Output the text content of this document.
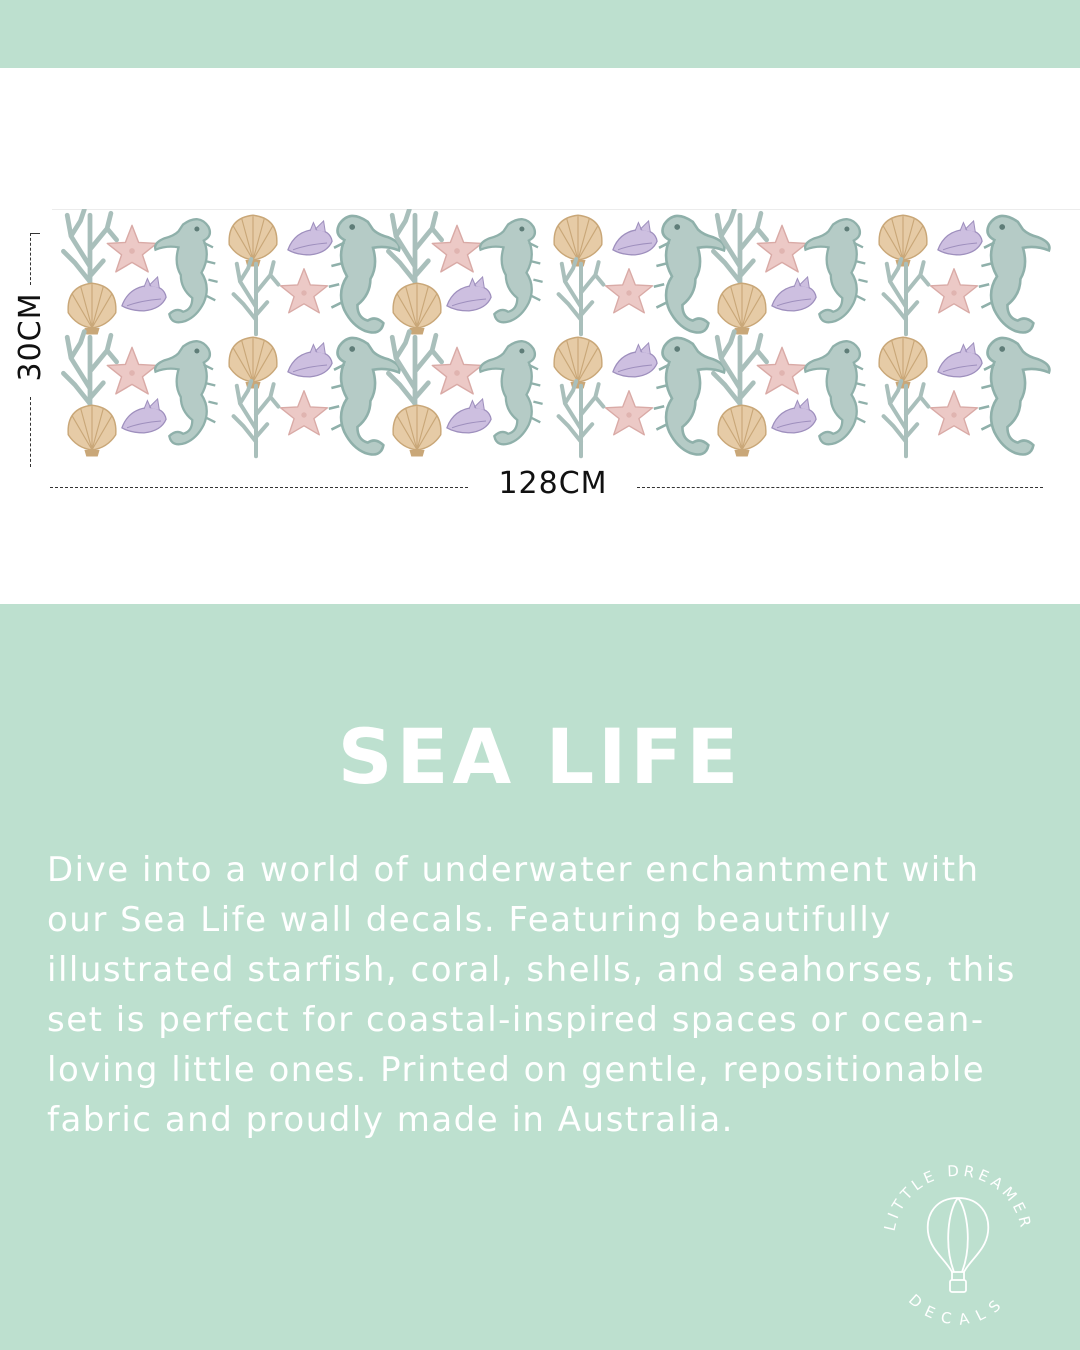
128CM
30CM
SEA LIFE

Dive into a world of underwater enchantment with our Sea Life wall decals. Featuring beautifully illustrated starfish, coral, shells, and seahorses, this set is perfect for coastal-inspired spaces or ocean-loving little ones. Printed on gentle, repositionable fabric and proudly made in Australia.

LITTLE DREAMER
DECALS
